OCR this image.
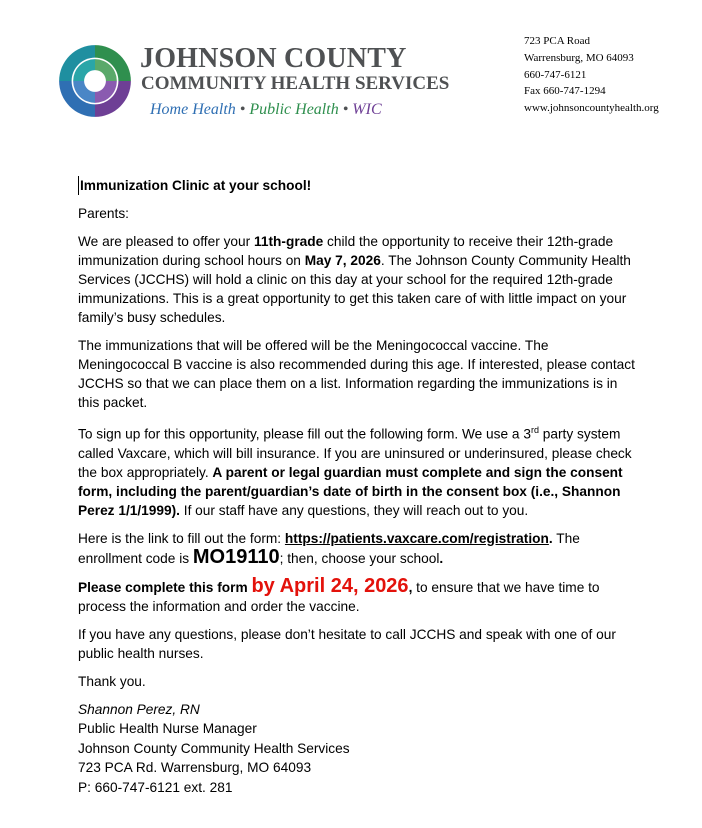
JOHNSON COUNTY
COMMUNITY HEALTH SERVICES

Home Health • Public Health • WIC

723 PCA Road
Warrensburg, MO 64093
660-747-6121
Fax 660-747-1294
www.johnsoncountyhealth.org

Immunization Clinic at your school!

Parents:

We are pleased to offer your 11th-grade child the opportunity to receive their 12th-grade immunization during school hours on May 7, 2026. The Johnson County Community Health Services (JCCHS) will hold a clinic on this day at your school for the required 12th-grade immunizations. This is a great opportunity to get this taken care of with little impact on your family’s busy schedules.

The immunizations that will be offered will be the Meningococcal vaccine. The Meningococcal B vaccine is also recommended during this age. If interested, please contact JCCHS so that we can place them on a list. Information regarding the immunizations is in this packet.

To sign up for this opportunity, please fill out the following form. We use a 3rd party system called Vaxcare, which will bill insurance. If you are uninsured or underinsured, please check the box appropriately. A parent or legal guardian must complete and sign the consent form, including the parent/guardian’s date of birth in the consent box (i.e., Shannon Perez 1/1/1999). If our staff have any questions, they will reach out to you.

Here is the link to fill out the form: https://patients.vaxcare.com/registration. The enrollment code is MO19110; then, choose your school.

Please complete this form by April 24, 2026, to ensure that we have time to process the information and order the vaccine.

If you have any questions, please don’t hesitate to call JCCHS and speak with one of our public health nurses.

Thank you.

Shannon Perez, RN
Public Health Nurse Manager
Johnson County Community Health Services
723 PCA Rd. Warrensburg, MO 64093
P: 660-747-6121 ext. 281
